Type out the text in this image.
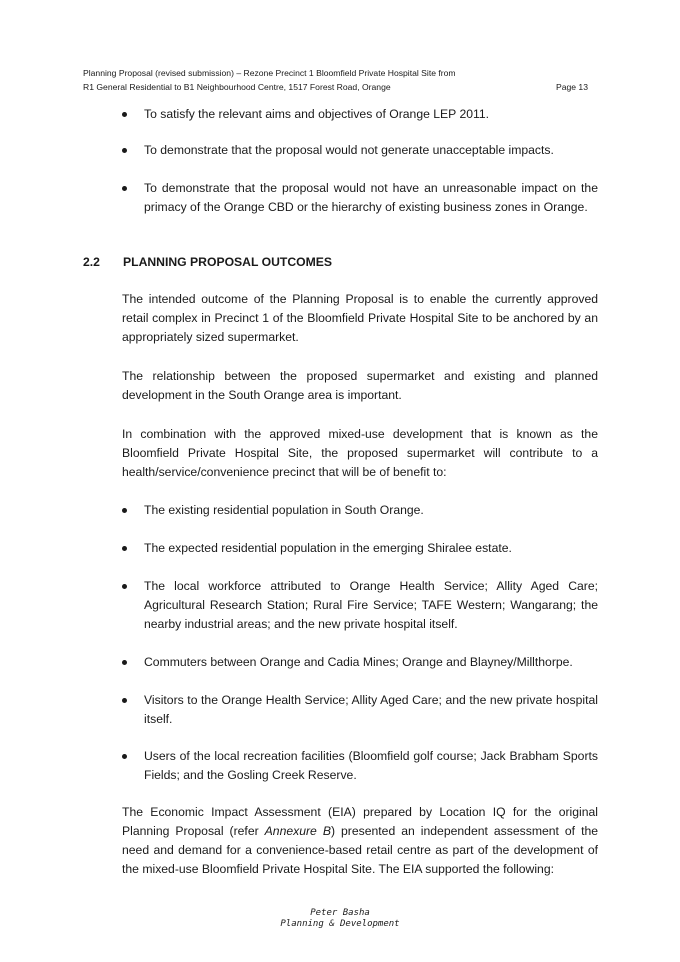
Planning Proposal (revised submission) – Rezone Precinct 1 Bloomfield Private Hospital Site from
R1 General Residential to B1 Neighbourhood Centre, 1517 Forest Road, Orange	Page 13
To satisfy the relevant aims and objectives of Orange LEP 2011.
To demonstrate that the proposal would not generate unacceptable impacts.
To demonstrate that the proposal would not have an unreasonable impact on the primacy of the Orange CBD or the hierarchy of existing business zones in Orange.
2.2 PLANNING PROPOSAL OUTCOMES
The intended outcome of the Planning Proposal is to enable the currently approved retail complex in Precinct 1 of the Bloomfield Private Hospital Site to be anchored by an appropriately sized supermarket.
The relationship between the proposed supermarket and existing and planned development in the South Orange area is important.
In combination with the approved mixed-use development that is known as the Bloomfield Private Hospital Site, the proposed supermarket will contribute to a health/service/convenience precinct that will be of benefit to:
The existing residential population in South Orange.
The expected residential population in the emerging Shiralee estate.
The local workforce attributed to Orange Health Service; Allity Aged Care; Agricultural Research Station; Rural Fire Service; TAFE Western; Wangarang; the nearby industrial areas; and the new private hospital itself.
Commuters between Orange and Cadia Mines; Orange and Blayney/Millthorpe.
Visitors to the Orange Health Service; Allity Aged Care; and the new private hospital itself.
Users of the local recreation facilities (Bloomfield golf course; Jack Brabham Sports Fields; and the Gosling Creek Reserve.
The Economic Impact Assessment (EIA) prepared by Location IQ for the original Planning Proposal (refer Annexure B) presented an independent assessment of the need and demand for a convenience-based retail centre as part of the development of the mixed-use Bloomfield Private Hospital Site. The EIA supported the following:
Peter Basha
Planning & Development
